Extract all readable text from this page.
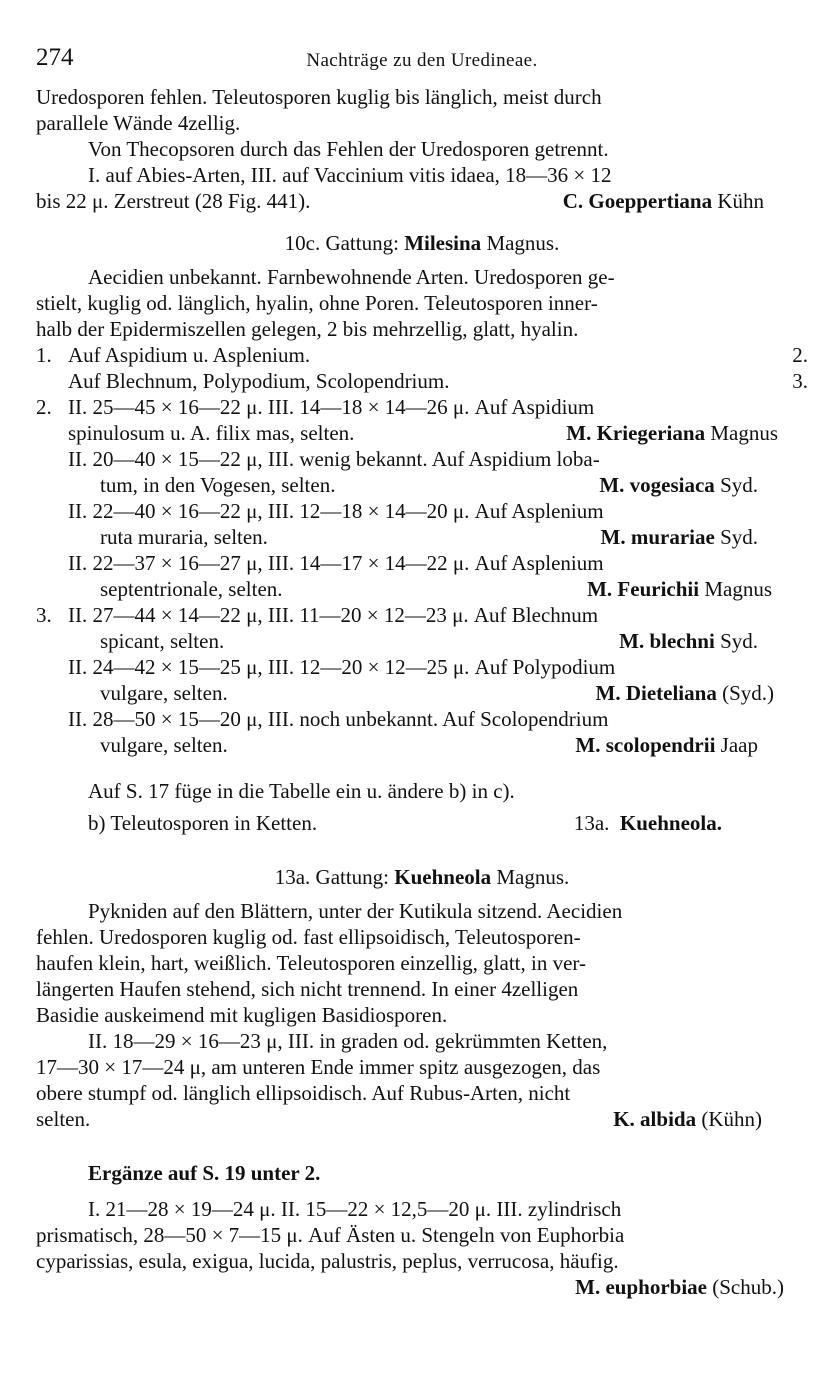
274	Nachträge zu den Uredineae.
Uredosporen fehlen. Teleutosporen kuglig bis länglich, meist durch
parallele Wände 4zellig.
Von Thecopsoren durch das Fehlen der Uredosporen getrennt.
I. auf Abies-Arten, III. auf Vaccinium vitis idaea, 18—36 × 12
bis 22 μ. Zerstreut (28 Fig. 441).	C. Goeppertiana Kühn
10c. Gattung: Milesina Magnus.
Aecidien unbekannt. Farnbewohnende Arten. Uredosporen ge-
stielt, kuglig od. länglich, hyalin, ohne Poren. Teleutosporen inner-
halb der Epidermiszellen gelegen, 2 bis mehrzellig, glatt, hyalin.
1. Auf Aspidium u. Asplenium.	2.
Auf Blechnum, Polypodium, Scolopendrium.	3.
2. II. 25—45 × 16—22 μ. III. 14—18 × 14—26 μ. Auf Aspidium
spinulosum u. A. filix mas, selten.	M. Kriegeriana Magnus
II. 20—40 × 15—22 μ, III. wenig bekannt. Auf Aspidium loba-
tum, in den Vogesen, selten.	M. vogesiaca Syd.
II. 22—40 × 16—22 μ, III. 12—18 × 14—20 μ. Auf Asplenium
ruta muraria, selten.	M. murariae Syd.
II. 22—37 × 16—27 μ, III. 14—17 × 14—22 μ. Auf Asplenium
septentrionale, selten.	M. Feurichii Magnus
3. II. 27—44 × 14—22 μ, III. 11—20 × 12—23 μ. Auf Blechnum
spicant, selten.	M. blechni Syd.
II. 24—42 × 15—25 μ, III. 12—20 × 12—25 μ. Auf Polypodium
vulgare, selten.	M. Dieteliana (Syd.)
II. 28—50 × 15—20 μ, III. noch unbekannt. Auf Scolopendrium
vulgare, selten.	M. scolopendrii Jaap
Auf S. 17 füge in die Tabelle ein u. ändere b) in c).
b) Teleutosporen in Ketten.	13a. Kuehneola.
13a. Gattung: Kuehneola Magnus.
Pykniden auf den Blättern, unter der Kutikula sitzend. Aecidien
fehlen. Uredosporen kuglig od. fast ellipsoidisch, Teleutosporen-
haufen klein, hart, weißlich. Teleutosporen einzellig, glatt, in ver-
längerten Haufen stehend, sich nicht trennend. In einer 4zelligen
Basidie auskeimend mit kugligen Basidiosporen.
II. 18—29 × 16—23 μ, III. in graden od. gekrümmten Ketten,
17—30 × 17—24 μ, am unteren Ende immer spitz ausgezogen, das
obere stumpf od. länglich ellipsoidisch. Auf Rubus-Arten, nicht
selten.	K. albida (Kühn)
Ergänze auf S. 19 unter 2.
I. 21—28 × 19—24 μ. II. 15—22 × 12,5—20 μ. III. zylindrisch
prismatisch, 28—50 × 7—15 μ. Auf Ästen u. Stengeln von Euphorbia
cyparissias, esula, exigua, lucida, palustris, peplus, verrucosa, häufig.
M. euphorbiae (Schub.)
